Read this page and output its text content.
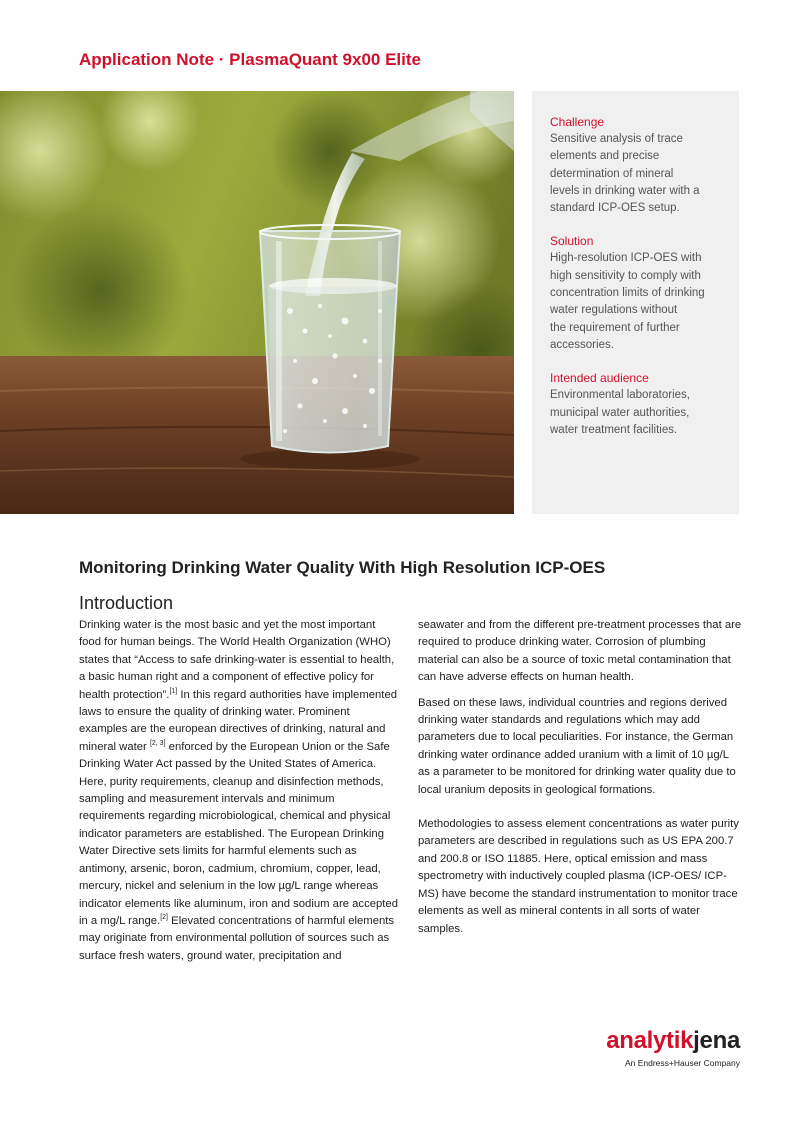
Application Note · PlasmaQuant 9x00 Elite
Challenge
Sensitive analysis of trace
elements and precise
determination of mineral
levels in drinking water with a
standard ICP-OES setup.
Solution
High-resolution ICP-OES with
high sensitivity to comply with
concentration limits of drinking
water regulations without
the requirement of further
accessories.
Intended audience
Environmental laboratories,
municipal water authorities,
water treatment facilities.
Monitoring Drinking Water Quality With High Resolution ICP-OES
Introduction

Drinking water is the most basic and yet the most important food for human beings. The World Health Organization (WHO) states that “Access to safe drinking-water is essential to health, a basic human right and a component of effective policy for health protection”.[1] In this regard authorities have implemented laws to ensure the quality of drinking water. Prominent examples are the european directives of drinking, natural and mineral water [2, 3] enforced by the European Union or the Safe Drinking Water Act passed by the United States of America. Here, purity requirements, cleanup and disinfection methods, sampling and measurement intervals and minimum requirements regarding microbiological, chemical and physical indicator parameters are established. The European Drinking Water Directive sets limits for harmful elements such as antimony, arsenic, boron, cadmium, chromium, copper, lead, mercury, nickel and selenium in the low µg/L range whereas indicator elements like aluminum, iron and sodium are accepted in a mg/L range.[2] Elevated concentrations of harmful elements may originate from environmental pollution of sources such as surface fresh waters, ground water, precipitation and

seawater and from the different pre-treatment processes that are required to produce drinking water. Corrosion of plumbing material can also be a source of toxic metal contamination that can have adverse effects on human health.

Based on these laws, individual countries and regions derived drinking water standards and regulations which may add parameters due to local peculiarities. For instance, the German drinking water ordinance added uranium with a limit of 10 µg/L as a parameter to be monitored for drinking water quality due to local uranium deposits in geological formations.

Methodologies to assess element concentrations as water purity parameters are described in regulations such as US EPA 200.7 and 200.8 or ISO 11885. Here, optical emission and mass spectrometry with inductively coupled plasma (ICP-OES/ ICP-MS) have become the standard instrumentation to monitor trace elements as well as mineral contents in all sorts of water samples.

analytikjena
An Endress+Hauser Company
